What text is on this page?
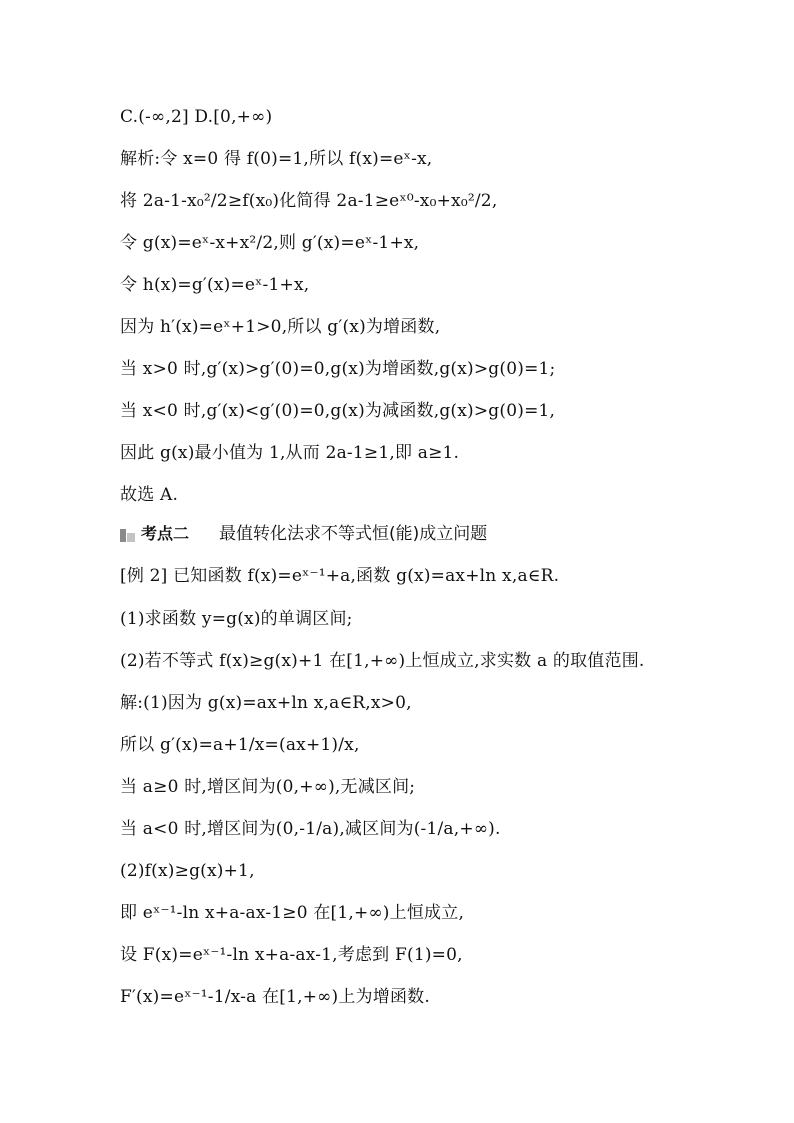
C.(-∞,2] D.[0,+∞)
解析:令 x=0 得 f(0)=1,所以 f(x)=eˣ-x,
将 2a-1-x₀²/2≥f(x₀)化简得 2a-1≥eˣ⁰-x₀+x₀²/2,
令 g(x)=eˣ-x+x²/2,则 g′(x)=eˣ-1+x,
令 h(x)=g′(x)=eˣ-1+x,
因为 h′(x)=eˣ+1>0,所以 g′(x)为增函数,
当 x>0 时,g′(x)>g′(0)=0,g(x)为增函数,g(x)>g(0)=1;
当 x<0 时,g′(x)<g′(0)=0,g(x)为减函数,g(x)>g(0)=1,
因此 g(x)最小值为 1,从而 2a-1≥1,即 a≥1.
故选 A.
考点二 最值转化法求不等式恒(能)成立问题
[例 2] 已知函数 f(x)=eˣ⁻¹+a,函数 g(x)=ax+ln x,a∈R.
(1)求函数 y=g(x)的单调区间;
(2)若不等式 f(x)≥g(x)+1 在[1,+∞)上恒成立,求实数 a 的取值范围.
解:(1)因为 g(x)=ax+ln x,a∈R,x>0,
所以 g′(x)=a+1/x=(ax+1)/x,
当 a≥0 时,增区间为(0,+∞),无减区间;
当 a<0 时,增区间为(0,-1/a),减区间为(-1/a,+∞).
(2)f(x)≥g(x)+1,
即 eˣ⁻¹-ln x+a-ax-1≥0 在[1,+∞)上恒成立,
设 F(x)=eˣ⁻¹-ln x+a-ax-1,考虑到 F(1)=0,
F′(x)=eˣ⁻¹-1/x-a 在[1,+∞)上为增函数.
